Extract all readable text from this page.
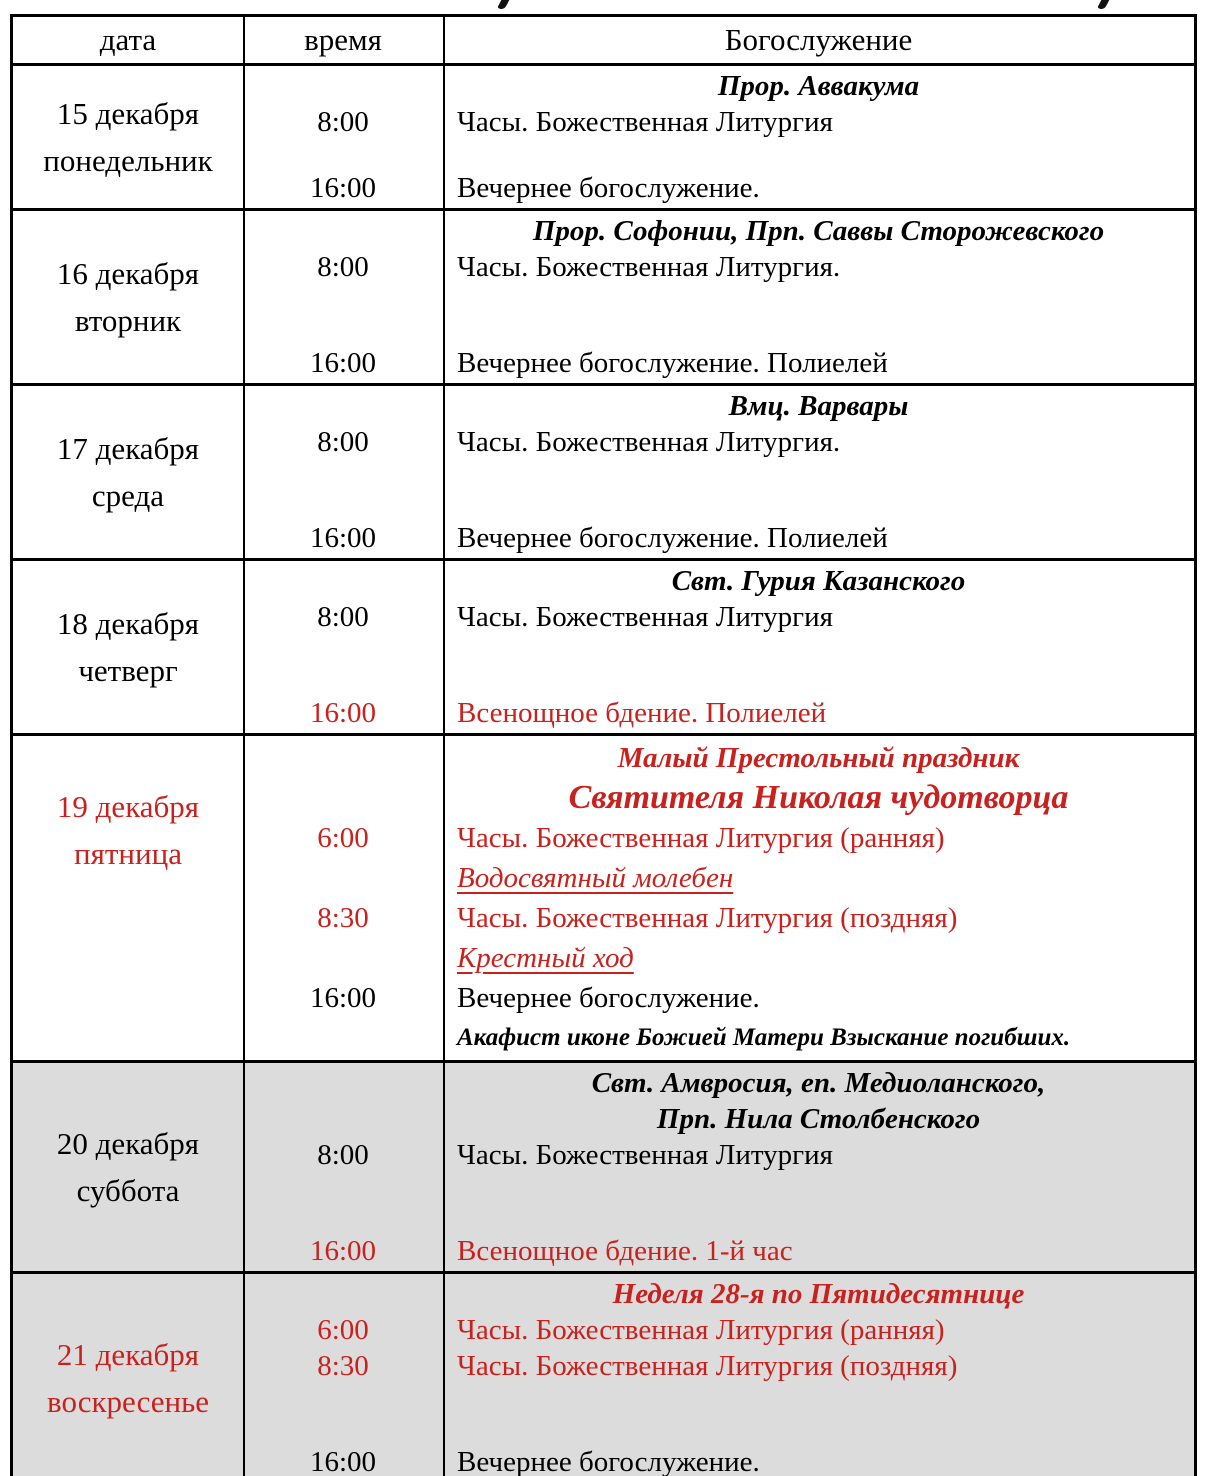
дата	время	Богослужение
15 декабря
понедельник
Прор. Аввакума
8:00	Часы. Божественная Литургия
16:00	Вечернее богослужение.
16 декабря
вторник
Прор. Софонии, Прп. Саввы Сторожевского
8:00	Часы. Божественная Литургия.
16:00	Вечернее богослужение. Полиелей
17 декабря
среда
Вмц. Варвары
8:00	Часы. Божественная Литургия.
16:00	Вечернее богослужение. Полиелей
18 декабря
четверг
Свт. Гурия Казанского
8:00	Часы. Божественная Литургия
16:00	Всенощное бдение. Полиелей
19 декабря
пятница
Малый Престольный праздник
Святителя Николая чудотворца
6:00	Часы. Божественная Литургия (ранняя)
Водосвятный молебен
8:30	Часы. Божественная Литургия (поздняя)
Крестный ход
16:00	Вечернее богослужение.
Акафист иконе Божией Матери Взыскание погибших.
20 декабря
суббота
Свт. Амвросия, еп. Медиоланского,
Прп. Нила Столбенского
8:00	Часы. Божественная Литургия
16:00	Всенощное бдение. 1-й час
21 декабря
воскресенье
Неделя 28-я по Пятидесятнице
6:00	Часы. Божественная Литургия (ранняя)
8:30	Часы. Божественная Литургия (поздняя)
16:00	Вечернее богослужение.
